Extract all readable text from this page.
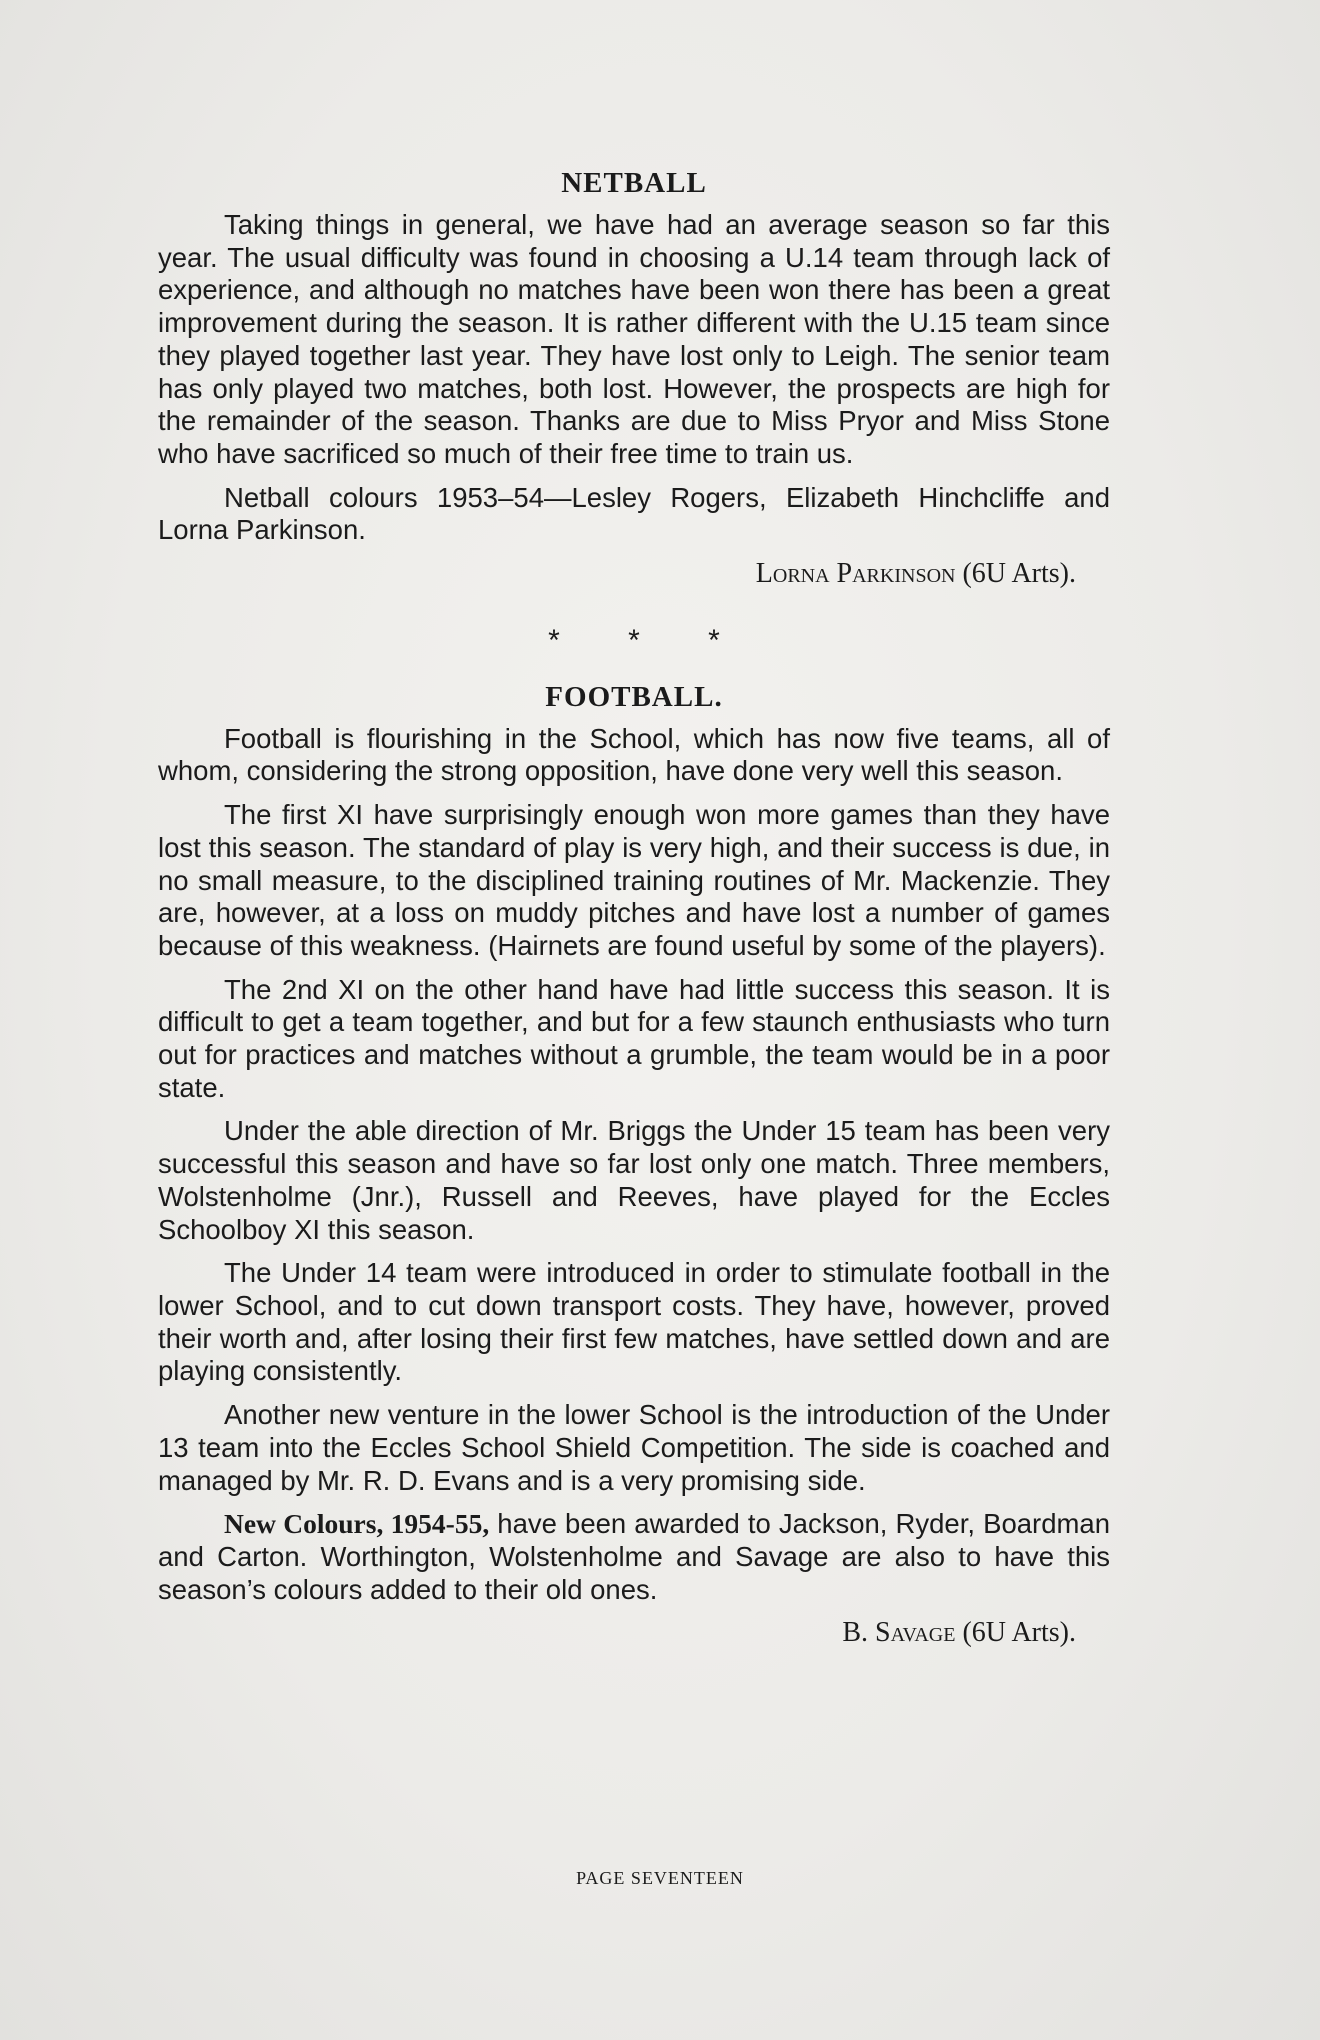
NETBALL

Taking things in general, we have had an average season so far this year. The usual difficulty was found in choosing a U.14 team through lack of experience, and although no matches have been won there has been a great improvement during the season. It is rather different with the U.15 team since they played together last year. They have lost only to Leigh. The senior team has only played two matches, both lost. However, the prospects are high for the remainder of the season. Thanks are due to Miss Pryor and Miss Stone who have sacrificed so much of their free time to train us.

Netball colours 1953–54—Lesley Rogers, Elizabeth Hinchcliffe and Lorna Parkinson.

Lorna Parkinson (6U Arts).
* * *
FOOTBALL.

Football is flourishing in the School, which has now five teams, all of whom, considering the strong opposition, have done very well this season.

The first XI have surprisingly enough won more games than they have lost this season. The standard of play is very high, and their success is due, in no small measure, to the disciplined training routines of Mr. Mackenzie. They are, however, at a loss on muddy pitches and have lost a number of games because of this weakness. (Hairnets are found useful by some of the players).

The 2nd XI on the other hand have had little success this season. It is difficult to get a team together, and but for a few staunch enthusiasts who turn out for practices and matches without a grumble, the team would be in a poor state.

Under the able direction of Mr. Briggs the Under 15 team has been very successful this season and have so far lost only one match. Three members, Wolstenholme (Jnr.), Russell and Reeves, have played for the Eccles Schoolboy XI this season.

The Under 14 team were introduced in order to stimulate football in the lower School, and to cut down transport costs. They have, however, proved their worth and, after losing their first few matches, have settled down and are playing consistently.

Another new venture in the lower School is the introduction of the Under 13 team into the Eccles School Shield Competition. The side is coached and managed by Mr. R. D. Evans and is a very promising side.

New Colours, 1954-55, have been awarded to Jackson, Ryder, Boardman and Carton. Worthington, Wolstenholme and Savage are also to have this season’s colours added to their old ones.

B. Savage (6U Arts).
PAGE SEVENTEEN
